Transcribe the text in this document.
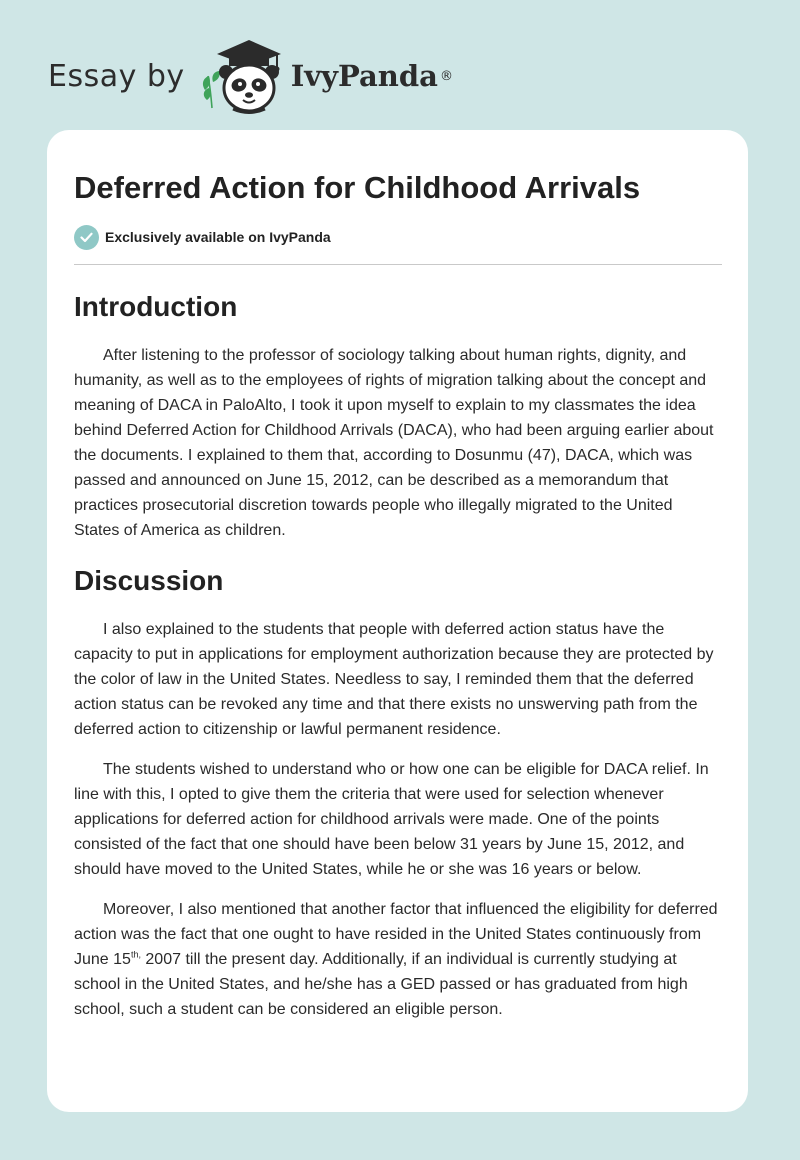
Essay by	IvyPanda ®
Deferred Action for Childhood Arrivals
Exclusively available on IvyPanda
Introduction

After listening to the professor of sociology talking about human rights, dignity, and humanity, as well as to the employees of rights of migration talking about the concept and meaning of DACA in PaloAlto, I took it upon myself to explain to my classmates the idea behind Deferred Action for Childhood Arrivals (DACA), who had been arguing earlier about the documents. I explained to them that, according to Dosunmu (47), DACA, which was passed and announced on June 15, 2012, can be described as a memorandum that practices prosecutorial discretion towards people who illegally migrated to the United States of America as children.

Discussion

I also explained to the students that people with deferred action status have the capacity to put in applications for employment authorization because they are protected by the color of law in the United States. Needless to say, I reminded them that the deferred action status can be revoked any time and that there exists no unswerving path from the deferred action to citizenship or lawful permanent residence.

The students wished to understand who or how one can be eligible for DACA relief. In line with this, I opted to give them the criteria that were used for selection whenever applications for deferred action for childhood arrivals were made. One of the points consisted of the fact that one should have been below 31 years by June 15, 2012, and should have moved to the United States, while he or she was 16 years or below.

Moreover, I also mentioned that another factor that influenced the eligibility for deferred action was the fact that one ought to have resided in the United States continuously from June $15^{th,}$ 2007 till the present day. Additionally, if an individual is currently studying at school in the United States, and he/she has a GED passed or has graduated from high school, such a student can be considered an eligible person.
